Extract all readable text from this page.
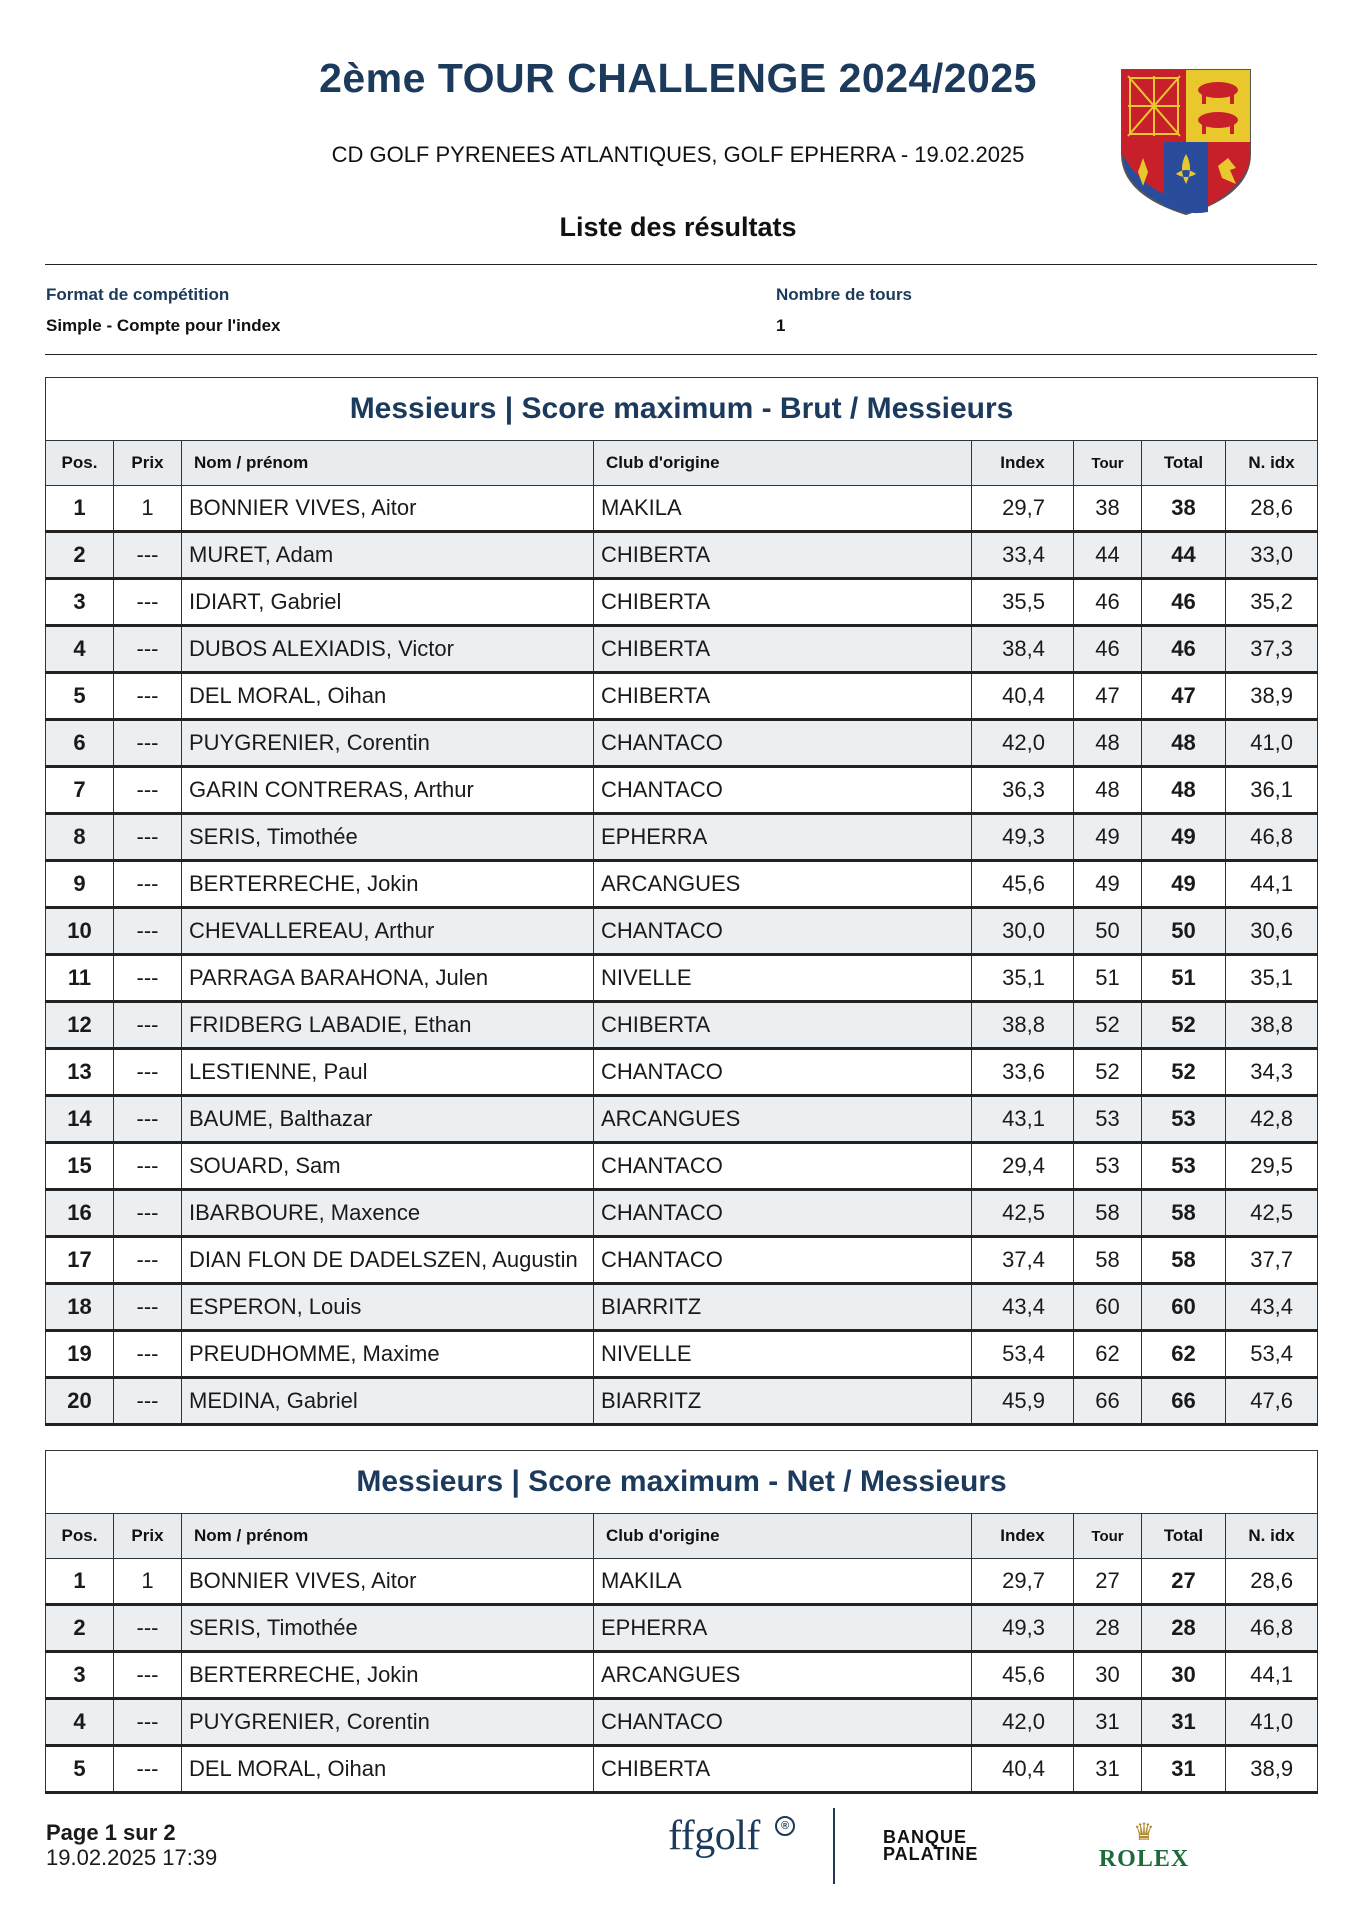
2ème TOUR CHALLENGE 2024/2025
CD GOLF PYRENEES ATLANTIQUES, GOLF EPHERRA - 19.02.2025
Liste des résultats
Format de compétition
Simple - Compte pour l'index
Nombre de tours
1
Messieurs | Score maximum - Brut / Messieurs							
Pos.	Prix	Nom / prénom	Club d'origine	Index	Tour	Total	N. idx
1	1	BONNIER VIVES, Aitor	MAKILA	29,7	38	38	28,6
2	---	MURET, Adam	CHIBERTA	33,4	44	44	33,0
3	---	IDIART, Gabriel	CHIBERTA	35,5	46	46	35,2
4	---	DUBOS ALEXIADIS, Victor	CHIBERTA	38,4	46	46	37,3
5	---	DEL MORAL, Oihan	CHIBERTA	40,4	47	47	38,9
6	---	PUYGRENIER, Corentin	CHANTACO	42,0	48	48	41,0
7	---	GARIN CONTRERAS, Arthur	CHANTACO	36,3	48	48	36,1
8	---	SERIS, Timothée	EPHERRA	49,3	49	49	46,8
9	---	BERTERRECHE, Jokin	ARCANGUES	45,6	49	49	44,1
10	---	CHEVALLEREAU, Arthur	CHANTACO	30,0	50	50	30,6
11	---	PARRAGA BARAHONA, Julen	NIVELLE	35,1	51	51	35,1
12	---	FRIDBERG LABADIE, Ethan	CHIBERTA	38,8	52	52	38,8
13	---	LESTIENNE, Paul	CHANTACO	33,6	52	52	34,3
14	---	BAUME, Balthazar	ARCANGUES	43,1	53	53	42,8
15	---	SOUARD, Sam	CHANTACO	29,4	53	53	29,5
16	---	IBARBOURE, Maxence	CHANTACO	42,5	58	58	42,5
17	---	DIAN FLON DE DADELSZEN, Augustin	CHANTACO	37,4	58	58	37,7
18	---	ESPERON, Louis	BIARRITZ	43,4	60	60	43,4
19	---	PREUDHOMME, Maxime	NIVELLE	53,4	62	62	53,4
20	---	MEDINA, Gabriel	BIARRITZ	45,9	66	66	47,6
Messieurs | Score maximum - Net / Messieurs							
Pos.	Prix	Nom / prénom	Club d'origine	Index	Tour	Total	N. idx
1	1	BONNIER VIVES, Aitor	MAKILA	29,7	27	27	28,6
2	---	SERIS, Timothée	EPHERRA	49,3	28	28	46,8
3	---	BERTERRECHE, Jokin	ARCANGUES	45,6	30	30	44,1
4	---	PUYGRENIER, Corentin	CHANTACO	42,0	31	31	41,0
5	---	DEL MORAL, Oihan	CHIBERTA	40,4	31	31	38,9
Page 1 sur 2
19.02.2025 17:39	ffgolf	®
BANQUE
PALATINE
♛
ROLEX
